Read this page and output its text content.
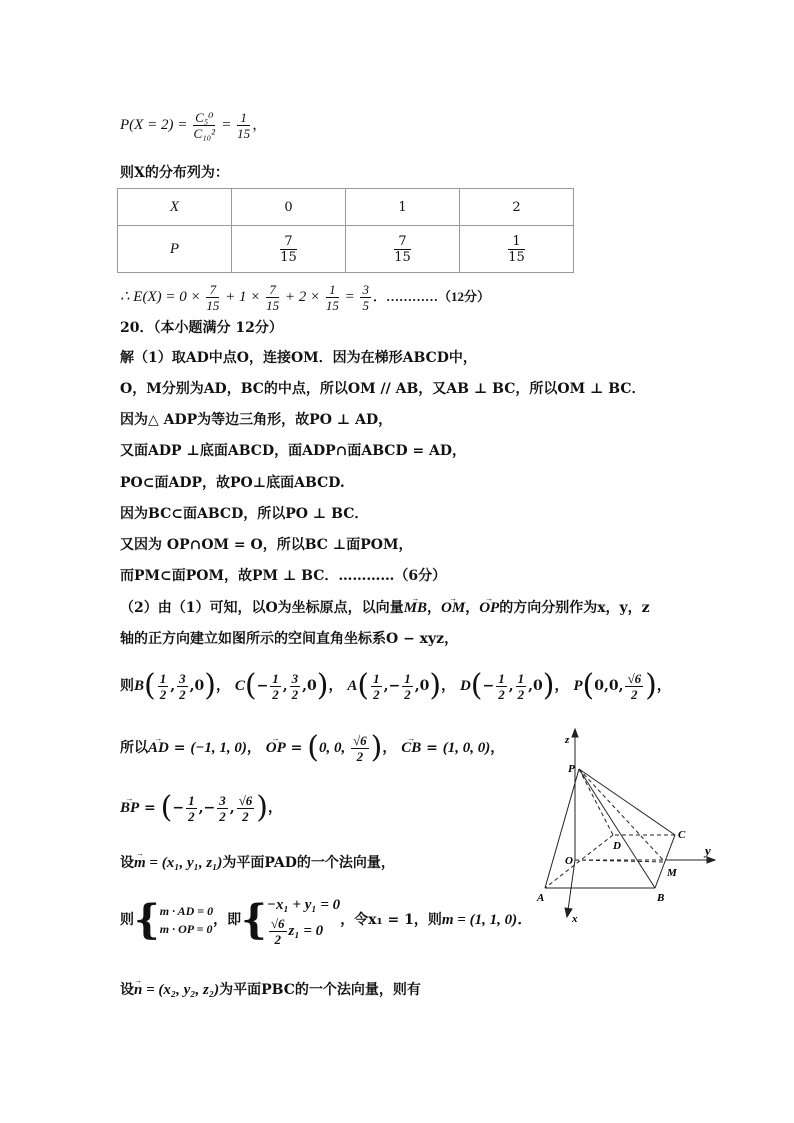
$P(X = 2) = \frac{\text{C₅⁰}}{\text{C₁₀²}} = \frac{1}{15}$ ，
则X的分布列为：
X	0	1	2
P	$\frac{7}{15}$	$\frac{7}{15}$	$\frac{1}{15}$
∴ $E(X) = 0 \times \frac{7}{15} + 1 \times \frac{7}{15} + 2 \times \frac{1}{15} = \frac{3}{5}$ ．…………（12分）
20．（本小题满分 12分）
解（1）取AD中点O，连接OM．因为在梯形ABCD中，
O，M分别为AD，BC的中点，所以OM // AB，又AB ⊥ BC，所以OM ⊥ BC．
因为△ ADP为等边三角形，故PO ⊥ AD，
又面ADP ⊥底面ABCD，面ADP∩面ABCD = AD，
PO⊂面ADP，故PO⊥底面ABCD.
因为BC⊂面ABCD，所以PO ⊥ BC．
又因为 OP∩OM = O，所以BC ⊥面POM，
而PM⊂面POM，故PM ⊥ BC．…………（6分）
（2）由（1）可知，以O为坐标原点，以向量→ MB，→ OM，→ OP的方向分别作为x，y，z
轴的正方向建立如图所示的空间直角坐标系O − xyz，
则$B( \frac{1}{2}$ , $\frac{3}{2} ,0$)， $C(- \frac{1}{2}$ , $\frac{3}{2} ,0$)， $A( \frac{1}{2}$ ,− $\frac{1}{2} ,0$)， $D(- \frac{1}{2}$ , $\frac{1}{2} ,0$)， P(0,0, $\frac{√6}{2}$ )，
所以→ AD = (−1, 1, 0)， → OP = (0, 0, $\frac{√6}{2}$ )， → CB = (1, 0, 0)，
→ BP = (− $\frac{1}{2}$ ,− $\frac{3}{2}$ , $\frac{√6}{2}$ )，
设→ m = (x₁, y₁, z₁)为平面PAD的一个法向量，
则{ m · AD = 0
m · OP = 0
，即{ −x₁ + y₁ = 0
$\frac{√6}{2} z_1 = 0$
，令x₁ = 1，则m = (1, 1, 0)．
设→ n = (x₂, y₂, z₂)为平面PBC的一个法向量，则有
z
y
x
P
C
D
O
M
A	B
